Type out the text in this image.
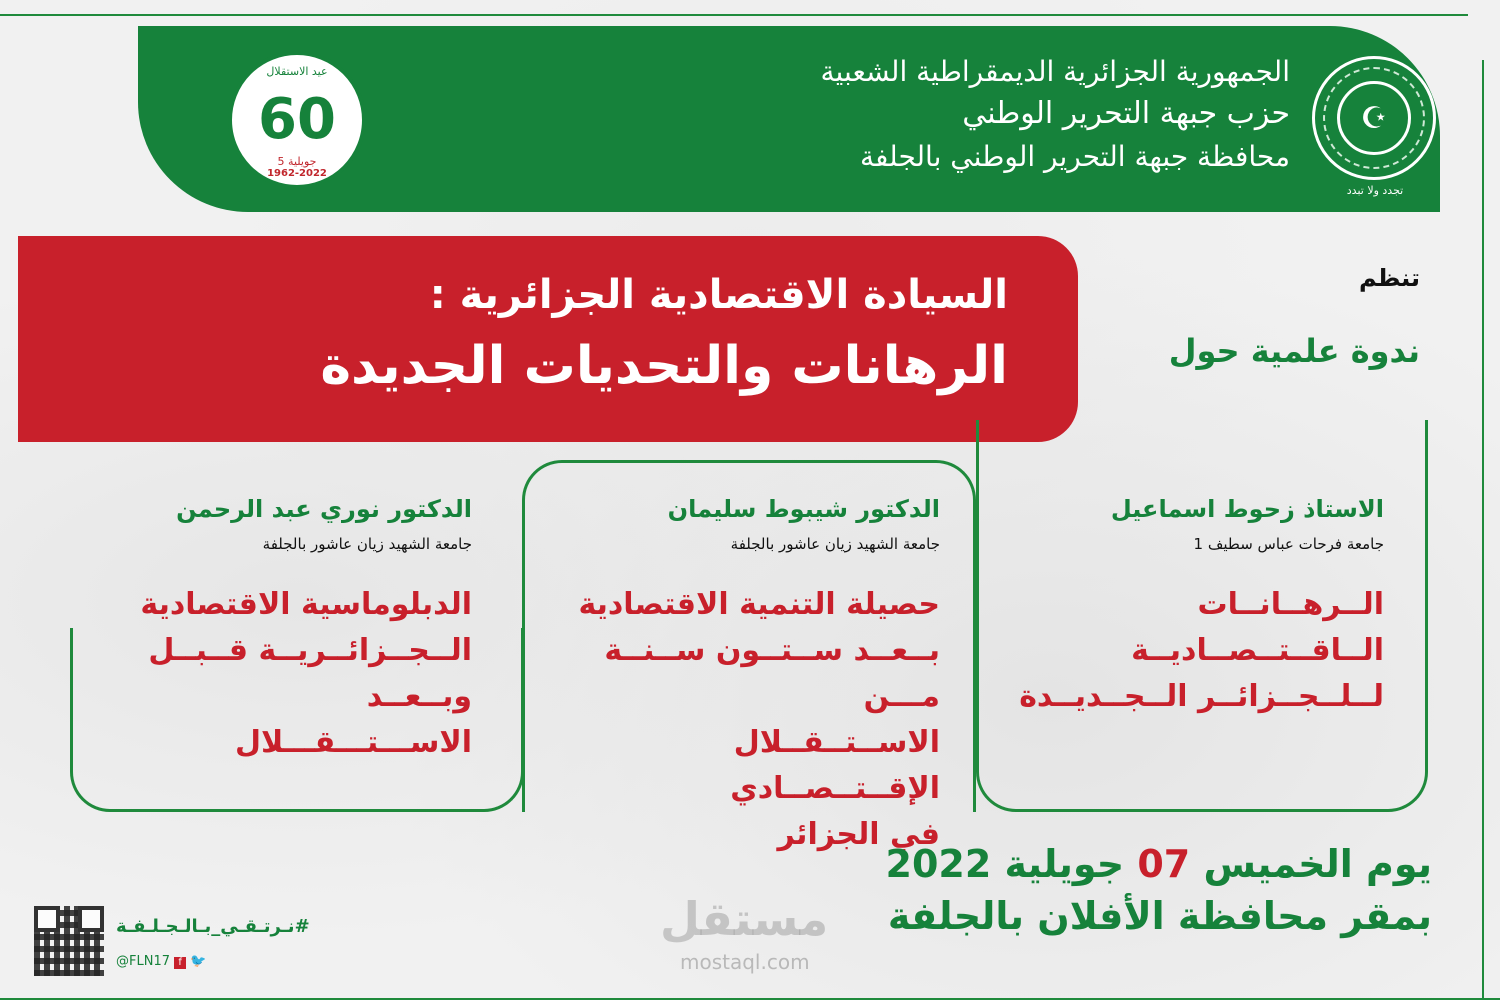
الجمهورية الجزائرية الديمقراطية الشعبية
حزب جبهة التحرير الوطني
محافظة جبهة التحرير الوطني بالجلفة
☪
تجدد ولا تبدد
عيد الاستقلال
60
جويلية 5
1962-2022
السيادة الاقتصادية الجزائرية :
الرهانات والتحديات الجديدة
تنظم
ندوة علمية حول
الاستاذ زحوط اسماعيل
جامعة فرحات عباس سطيف 1
الــرهــانــات الــاقــتــصــاديــة
لــلــجــزائــر الــجــديــدة
الدكتور شيبوط سليمان
جامعة الشهيد زيان عاشور بالجلفة
حصيلة التنمية الاقتصادية
بــعــد ســتــون ســنــة مـــن
الاســتــقــلال الإقــتــصــادي
في الجزائر
الدكتور نوري عبد الرحمن
جامعة الشهيد زيان عاشور بالجلفة
الدبلوماسية الاقتصادية
الــجــزائــريــة قــبــل وبــعــد
الاســـتـــقـــلال
يوم الخميس 07 جويلية 2022
بمقر محافظة الأفلان بالجلفة
مستقل
mostaql.com
#نـرتـقـي_بـالـجـلـفـة
@FLN17 f 🐦
